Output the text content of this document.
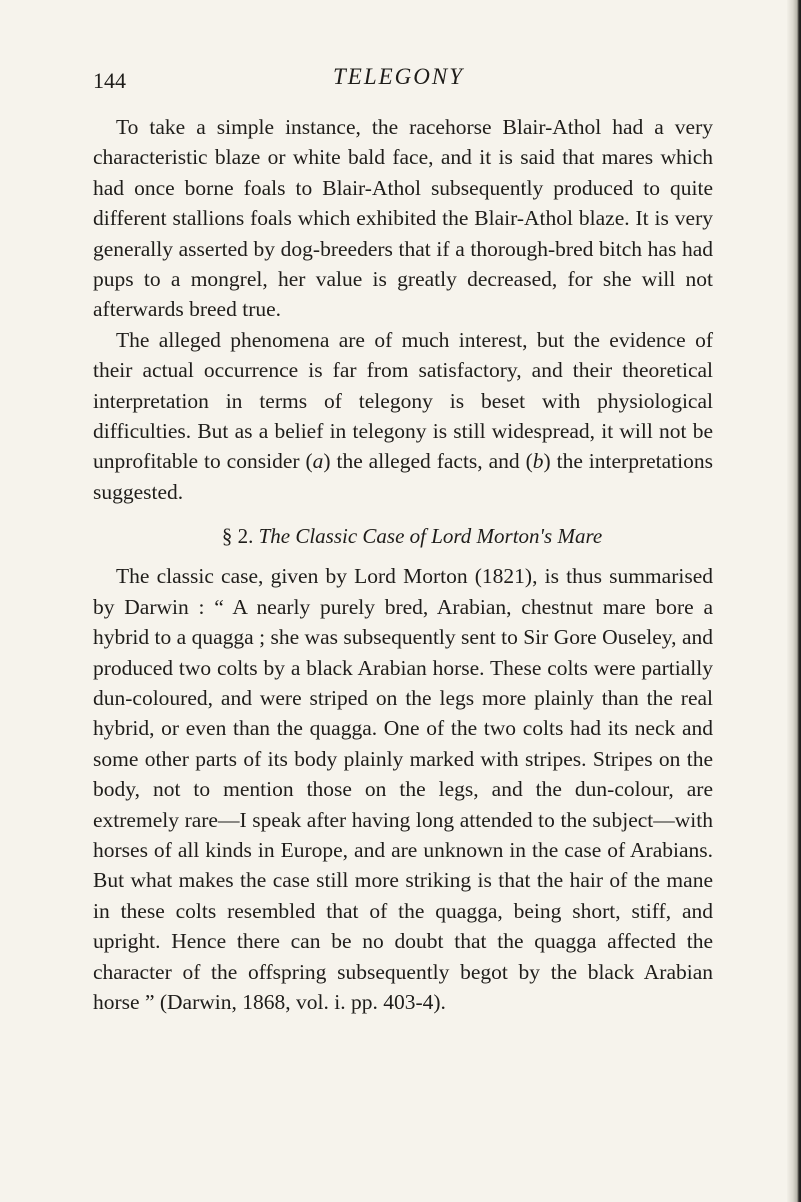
144	TELEGONY

To take a simple instance, the racehorse Blair-Athol had a very characteristic blaze or white bald face, and it is said that mares which had once borne foals to Blair-Athol subsequently produced to quite different stallions foals which exhibited the Blair-Athol blaze. It is very generally asserted by dog-breeders that if a thorough-bred bitch has had pups to a mongrel, her value is greatly decreased, for she will not afterwards breed true.

The alleged phenomena are of much interest, but the evidence of their actual occurrence is far from satisfactory, and their theoretical interpretation in terms of telegony is beset with physiological difficulties. But as a belief in telegony is still widespread, it will not be unprofitable to consider (a) the alleged facts, and (b) the interpretations suggested.

§ 2. The Classic Case of Lord Morton's Mare

The classic case, given by Lord Morton (1821), is thus summarised by Darwin : “ A nearly purely bred, Arabian, chestnut mare bore a hybrid to a quagga ; she was subsequently sent to Sir Gore Ouseley, and produced two colts by a black Arabian horse. These colts were partially dun-coloured, and were striped on the legs more plainly than the real hybrid, or even than the quagga. One of the two colts had its neck and some other parts of its body plainly marked with stripes. Stripes on the body, not to mention those on the legs, and the dun-colour, are extremely rare—I speak after having long attended to the subject—with horses of all kinds in Europe, and are unknown in the case of Arabians. But what makes the case still more striking is that the hair of the mane in these colts resembled that of the quagga, being short, stiff, and upright. Hence there can be no doubt that the quagga affected the character of the offspring subsequently begot by the black Arabian horse ” (Darwin, 1868, vol. i. pp. 403-4).
